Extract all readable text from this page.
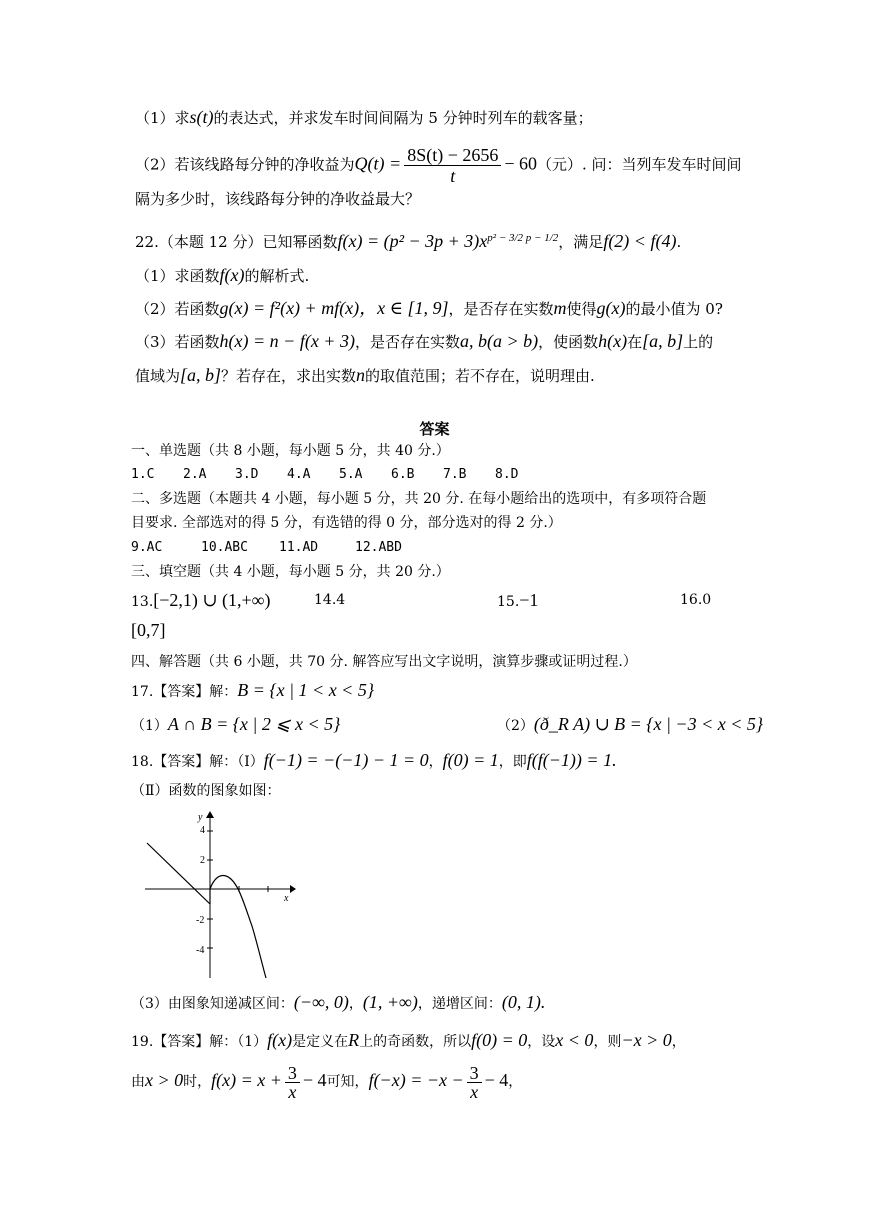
（1）求s(t)的表达式，并求发车时间间隔为 5 分钟时列车的载客量；
（2）若该线路每分钟的净收益为$Q(t) = \frac{8S(t) - 2656}{t} - 60$（元）. 问：当列车发车时间间
隔为多少时，该线路每分钟的净收益最大？
22.（本题 12 分）已知幂函数$f(x) = (p^2 - 3p + 3)x^{p^2 - 3/2 p - 1/2}$，满足f(2) < f(4).
（1）求函数f(x)的解析式.
（2）若函数g(x) = f²(x) + mf(x)，x ∈ [1, 9]，是否存在实数m使得g(x)的最小值为 0?
（3）若函数h(x) = n − f(x + 3)，是否存在实数a, b(a > b)，使函数h(x)在[a, b]上的
值域为[a, b]？若存在，求出实数n的取值范围；若不存在，说明理由.
答案
一、单选题（共 8 小题，每小题 5 分，共 40 分.）
1.C 2.A 3.D 4.A 5.A 6.B 7.B 8.D
二、多选题（本题共 4 小题，每小题 5 分，共 20 分. 在每小题给出的选项中，有多项符合题
目要求. 全部选对的得 5 分，有选错的得 0 分，部分选对的得 2 分.）
9.AC	10.ABC 11.AD	12.ABD
三、填空题（共 4 小题，每小题 5 分，共 20 分.）
13.[−2,1) ∪ (1,+∞)	14.4	15.−1	16.0
[0,7]
四、解答题（共 6 小题，共 70 分. 解答应写出文字说明，演算步骤或证明过程.）
17.【答案】解：B = {x | 1 < x < 5}
（1）A ∩ B = {x | 2 ⩽ x < 5}	（2）(ð_R A) ∪ B = {x | −3 < x < 5}
18.【答案】解：（Ⅰ）f(−1) = −(−1) − 1 = 0，f(0) = 1，即f(f(−1)) = 1.
（Ⅱ）函数的图象如图：
y
x
4
2
-2
-4
（3）由图象知递减区间：(−∞, 0)，(1, +∞)，递增区间：(0, 1).
19.【答案】解：（1）f(x)是定义在R上的奇函数，所以f(0) = 0，设x < 0，则−x > 0，
由x > 0时，$f(x) = x + \frac{3}{x} - 4$可知，$f(-x) = -x - \frac{3}{x} - 4$，
